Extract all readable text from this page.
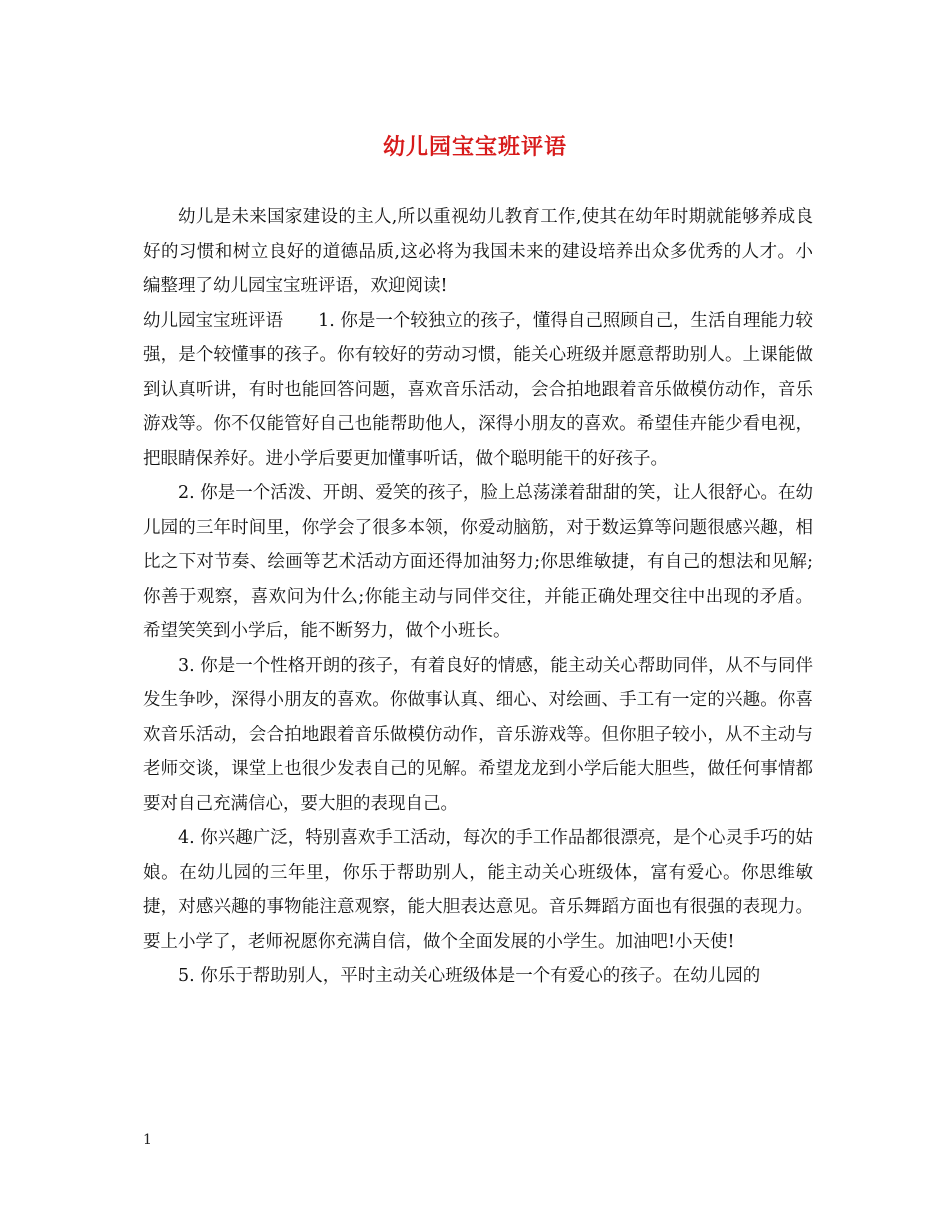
幼儿园宝宝班评语

幼儿是未来国家建设的主人,所以重视幼儿教育工作,使其在幼年时期就能够养成良好的习惯和树立良好的道德品质,这必将为我国未来的建设培养出众多优秀的人才。小编整理了幼儿园宝宝班评语，欢迎阅读!

幼儿园宝宝班评语　　1. 你是一个较独立的孩子，懂得自己照顾自己，生活自理能力较强，是个较懂事的孩子。你有较好的劳动习惯，能关心班级并愿意帮助别人。上课能做到认真听讲，有时也能回答问题，喜欢音乐活动，会合拍地跟着音乐做模仿动作，音乐游戏等。你不仅能管好自己也能帮助他人，深得小朋友的喜欢。希望佳卉能少看电视，把眼睛保养好。进小学后要更加懂事听话，做个聪明能干的好孩子。

2. 你是一个活泼、开朗、爱笑的孩子，脸上总荡漾着甜甜的笑，让人很舒心。在幼儿园的三年时间里，你学会了很多本领，你爱动脑筋，对于数运算等问题很感兴趣，相比之下对节奏、绘画等艺术活动方面还得加油努力;你思维敏捷，有自己的想法和见解;你善于观察，喜欢问为什么;你能主动与同伴交往，并能正确处理交往中出现的矛盾。希望笑笑到小学后，能不断努力，做个小班长。

3. 你是一个性格开朗的孩子，有着良好的情感，能主动关心帮助同伴，从不与同伴发生争吵，深得小朋友的喜欢。你做事认真、细心、对绘画、手工有一定的兴趣。你喜欢音乐活动，会合拍地跟着音乐做模仿动作，音乐游戏等。但你胆子较小，从不主动与老师交谈，课堂上也很少发表自己的见解。希望龙龙到小学后能大胆些，做任何事情都要对自己充满信心，要大胆的表现自己。

4. 你兴趣广泛，特别喜欢手工活动，每次的手工作品都很漂亮，是个心灵手巧的姑娘。在幼儿园的三年里，你乐于帮助别人，能主动关心班级体，富有爱心。你思维敏捷，对感兴趣的事物能注意观察，能大胆表达意见。音乐舞蹈方面也有很强的表现力。要上小学了，老师祝愿你充满自信，做个全面发展的小学生。加油吧!小天使!

5. 你乐于帮助别人，平时主动关心班级体是一个有爱心的孩子。在幼儿园的

1
